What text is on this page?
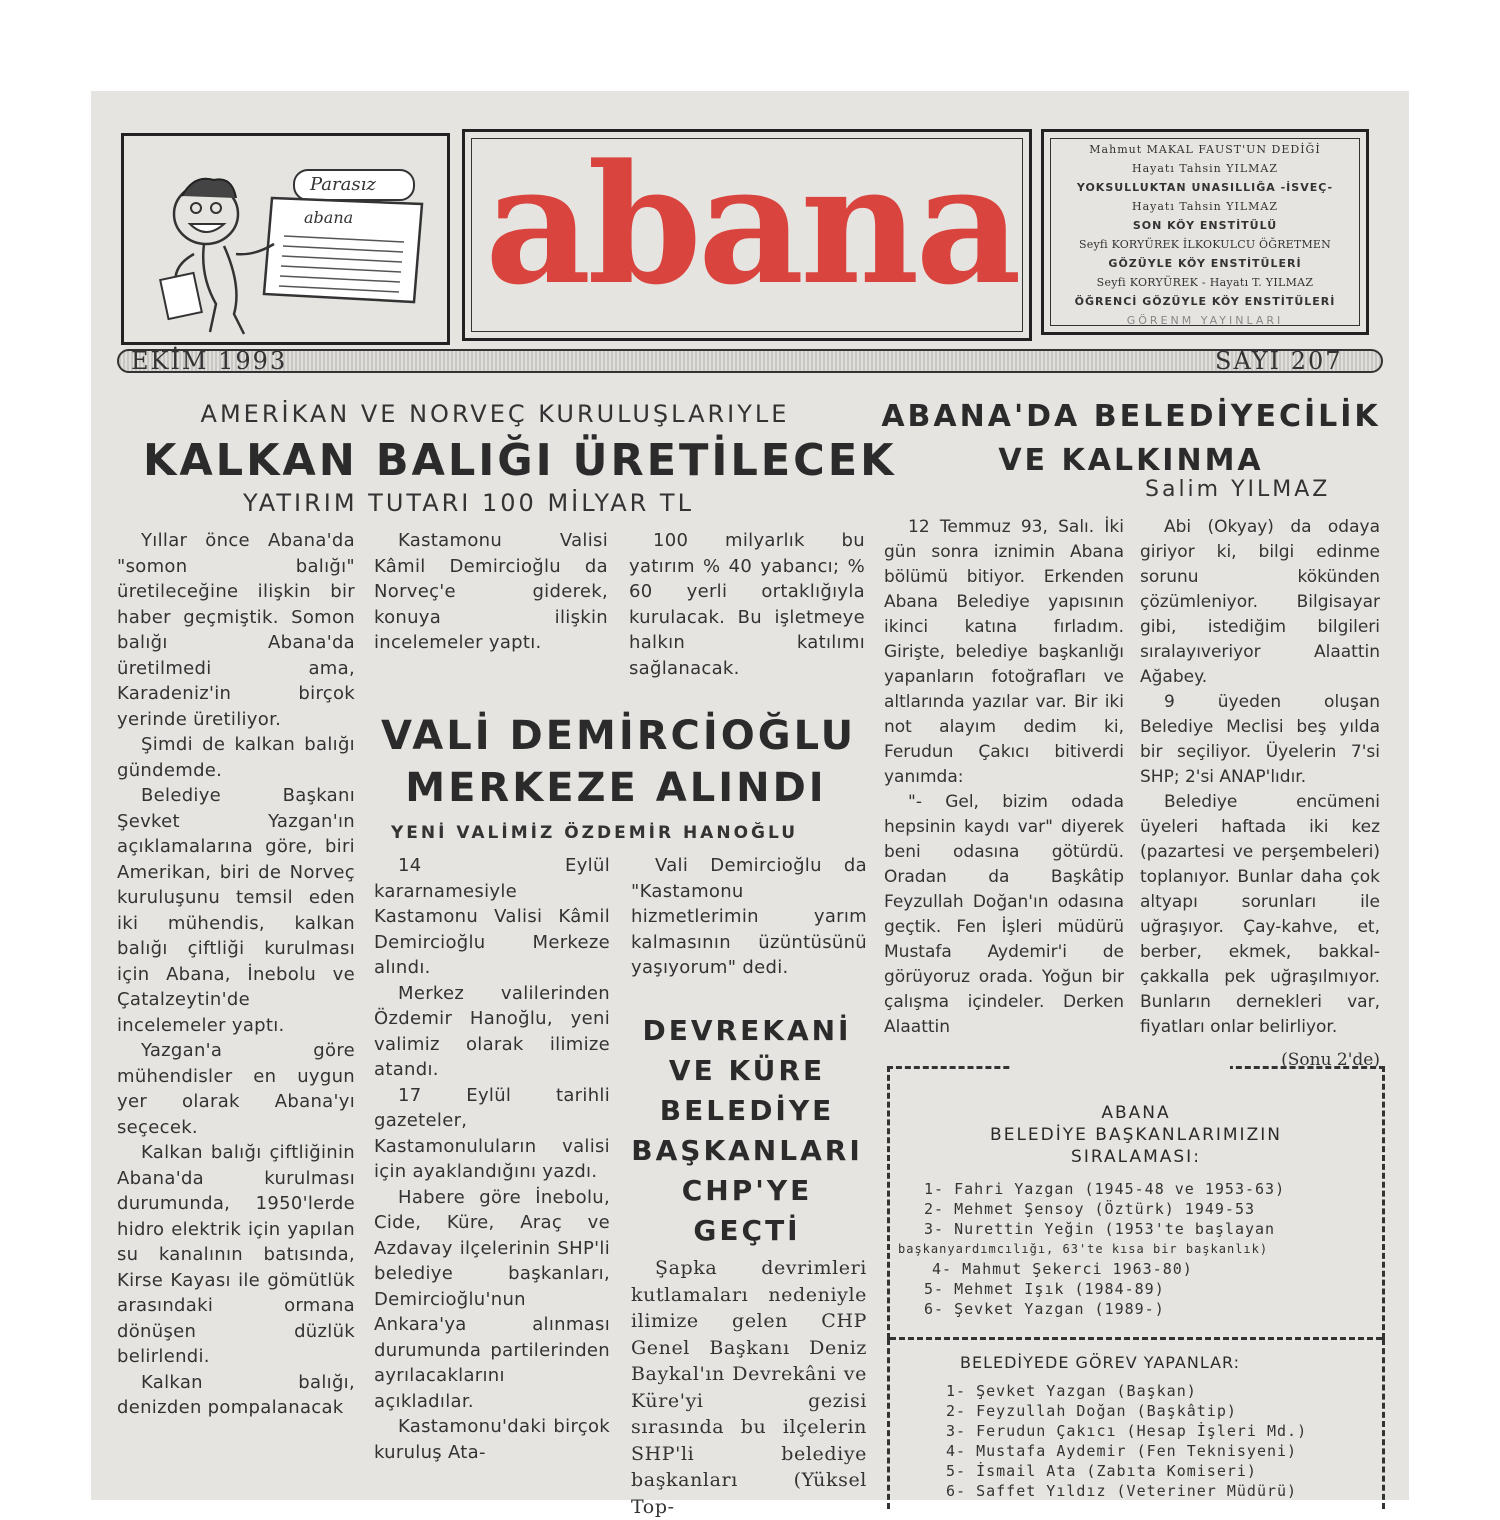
Parasız
abana abana	Mahmut MAKAL FAUST'UN DEDİĞİ
Hayatı Tahsin YILMAZ
YOKSULLUKTAN UNASILLIĞA -İSVEÇ-
Hayatı Tahsin YILMAZ
SON KÖY ENSTİTÜLÜ
Seyfi KORYÜREK İLKOKULCU ÖĞRETMEN
GÖZÜYLE KÖY ENSTİTÜLERİ
Seyfi KORYÜREK - Hayatı T. YILMAZ
ÖĞRENCİ GÖZÜYLE KÖY ENSTİTÜLERİ
GÖRENM YAYINLARI
EKİM 1993	SAYI 207
AMERİKAN VE NORVEÇ KURULUŞLARIYLE
KALKAN BALIĞI ÜRETİLECEK
YATIRIM TUTARI 100 MİLYAR TL

Yıllar önce Abana'da "somon balığı" üretileceğine ilişkin bir haber geçmiştik. Somon balığı Abana'da üretilmedi ama, Karadeniz'in birçok yerinde üretiliyor.

Şimdi de kalkan balığı gündemde.

Belediye Başkanı Şevket Yazgan'ın açıklamalarına göre, biri Amerikan, biri de Norveç kuruluşunu temsil eden iki mühendis, kalkan balığı çiftliği kurulması için Abana, İnebolu ve Çatalzeytin'de incelemeler yaptı.

Yazgan'a göre mühendisler en uygun yer olarak Abana'yı seçecek.

Kalkan balığı çiftliğinin Abana'da kurulması durumunda, 1950'lerde hidro elektrik için yapılan su kanalının batısında, Kirse Kayası ile gömütlük arasındaki ormana dönüşen düzlük belirlendi.

Kalkan balığı, denizden pompalanacak

Kastamonu Valisi Kâmil Demircioğlu da Norveç'e giderek, konuya ilişkin incelemeler yaptı.

100 milyarlık bu yatırım % 40 yabancı; % 60 yerli ortaklığıyla kurulacak. Bu işletmeye halkın katılımı sağlanacak.

VALİ DEMİRCİOĞLU
MERKEZE ALINDI
YENİ VALİMİZ ÖZDEMİR HANOĞLU

14 Eylül kararnamesiyle Kastamonu Valisi Kâmil Demircioğlu Merkeze alındı.

Merkez valilerinden Özdemir Hanoğlu, yeni valimiz olarak ilimize atandı.

17 Eylül tarihli gazeteler, Kastamonuluların valisi için ayaklandığını yazdı.

Habere göre İnebolu, Cide, Küre, Araç ve Azdavay ilçelerinin SHP'li belediye başkanları, Demircioğlu'nun Ankara'ya alınması durumunda partilerinden ayrılacaklarını açıkladılar.

Kastamonu'daki birçok kuruluş Ata-

Vali Demircioğlu da "Kastamonu hizmetlerimin yarım kalmasının üzüntüsünü yaşıyorum" dedi.

DEVREKANİ
VE KÜRE
BELEDİYE
BAŞKANLARI
CHP'YE
GEÇTİ

Şapka devrimleri kutlamaları nedeniyle ilimize gelen CHP Genel Başkanı Deniz Baykal'ın Devrekâni ve Küre'yi gezisi sırasında bu ilçelerin SHP'li belediye başkanları (Yüksel Top-

ABANA'DA BELEDİYECİLİK
VE KALKINMA
Salim YILMAZ

12 Temmuz 93, Salı. İki gün sonra iznimin Abana bölümü bitiyor. Erkenden Abana Belediye yapısının ikinci katına fırladım. Girişte, belediye başkanlığı yapanların fotoğrafları ve altlarında yazılar var. Bir iki not alayım dedim ki, Ferudun Çakıcı bitiverdi yanımda:

"- Gel, bizim odada hepsinin kaydı var" diyerek beni odasına götürdü. Oradan da Başkâtip Feyzullah Doğan'ın odasına geçtik. Fen İşleri müdürü Mustafa Aydemir'i de görüyoruz orada. Yoğun bir çalışma içindeler. Derken Alaattin

Abi (Okyay) da odaya giriyor ki, bilgi edinme sorunu kökünden çözümleniyor. Bilgisayar gibi, istediğim bilgileri sıralayıveriyor Alaattin Ağabey.

9 üyeden oluşan Belediye Meclisi beş yılda bir seçiliyor. Üyelerin 7'si SHP; 2'si ANAP'lıdır.

Belediye encümeni üyeleri haftada iki kez (pazartesi ve perşembeleri) toplanıyor. Bunlar daha çok altyapı sorunları ile uğraşıyor. Çay-kahve, et, berber, ekmek, bakkal-çakkalla pek uğraşılmıyor. Bunların dernekleri var, fiyatları onlar belirliyor.

(Sonu 2'de)

ABANA
BELEDİYE BAŞKANLARIMIZIN
SIRALAMASI:
1- Fahri Yazgan (1945-48 ve 1953-63)
2- Mehmet Şensoy (Öztürk) 1949-53
3- Nurettin Yeğin (1953'te başlayan
başkanyardımcılığı, 63'te kısa bir başkanlık)
4- Mahmut Şekerci 1963-80)
5- Mehmet Işık (1984-89)
6- Şevket Yazgan (1989-)
BELEDİYEDE GÖREV YAPANLAR:
1- Şevket Yazgan (Başkan)
2- Feyzullah Doğan (Başkâtip)
3- Ferudun Çakıcı (Hesap İşleri Md.)
4- Mustafa Aydemir (Fen Teknisyeni)
5- İsmail Ata (Zabıta Komiseri)
6- Saffet Yıldız (Veteriner Müdürü)
